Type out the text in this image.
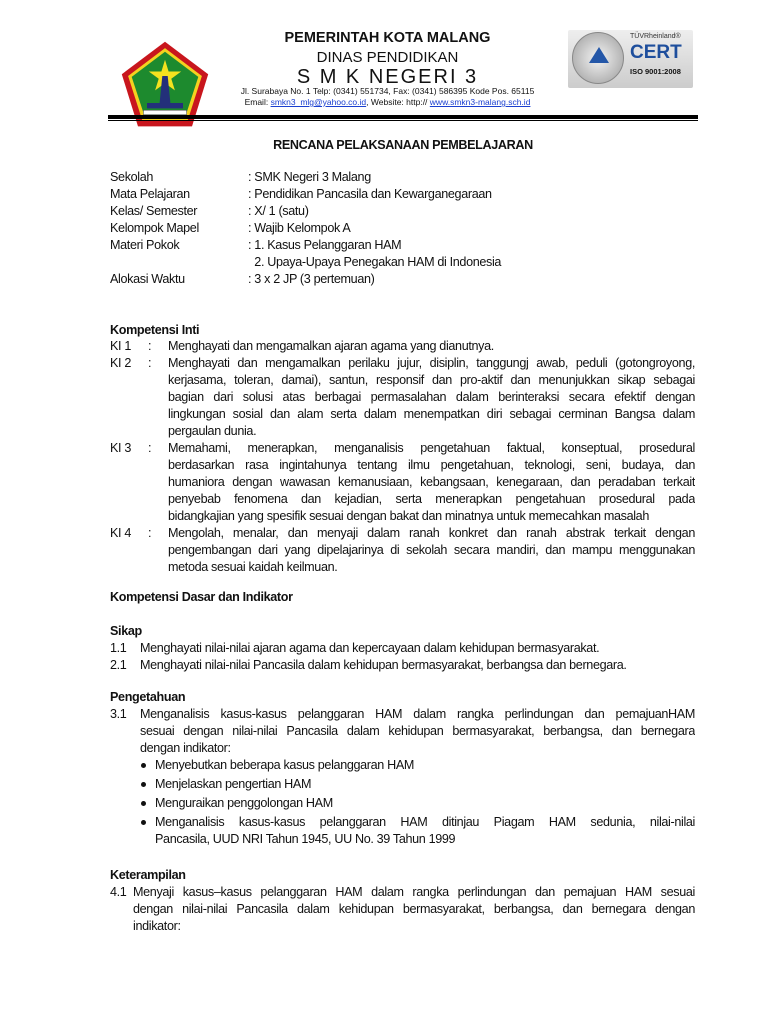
PEMERINTAH KOTA MALANG
DINAS PENDIDIKAN
S M K NEGERI 3
Jl. Surabaya No. 1 Telp: (0341) 551734, Fax: (0341) 586395 Kode Pos. 65115
Email: smkn3_mlg@yahoo.co.id, Website: http:// www.smkn3-malang.sch.id
TÜVRheinland®
CERT
ISO 9001:2008
RENCANA PELAKSANAAN PEMBELAJARAN
Sekolah	: SMK Negeri 3 Malang
Mata Pelajaran	: Pendidikan Pancasila dan Kewarganegaraan
Kelas/ Semester	: X/ 1 (satu)
Kelompok Mapel	: Wajib Kelompok A
Materi Pokok	: 1. Kasus Pelanggaran HAM
2. Upaya-Upaya Penegakan HAM di Indonesia
Alokasi Waktu	: 3 x 2 JP (3 pertemuan)
Kompetensi Inti
KI 1 : Menghayati dan mengamalkan ajaran agama yang dianutnya.
KI 2 : Menghayati dan mengamalkan perilaku jujur, disiplin, tanggungj awab, peduli (gotongroyong,
kerjasama, toleran, damai), santun, responsif dan pro-aktif dan menunjukkan sikap sebagai
bagian dari solusi atas berbagai permasalahan dalam berinteraksi secara efektif dengan
lingkungan sosial dan alam serta dalam menempatkan diri sebagai cerminan Bangsa dalam
pergaulan dunia.
KI 3 : Memahami, menerapkan, menganalisis pengetahuan faktual, konseptual, prosedural
berdasarkan rasa ingintahunya tentang ilmu pengetahuan, teknologi, seni, budaya, dan
humaniora dengan wawasan kemanusiaan, kebangsaan, kenegaraan, dan peradaban terkait
penyebab fenomena dan kejadian, serta menerapkan pengetahuan prosedural pada
bidangkajian yang spesifik sesuai dengan bakat dan minatnya untuk memecahkan masalah
KI 4 : Mengolah, menalar, dan menyaji dalam ranah konkret dan ranah abstrak terkait dengan
pengembangan dari yang dipelajarinya di sekolah secara mandiri, dan mampu menggunakan
metoda sesuai kaidah keilmuan.
Kompetensi Dasar dan Indikator
Sikap
1.1 Menghayati nilai-nilai ajaran agama dan kepercayaan dalam kehidupan bermasyarakat.
2.1 Menghayati nilai-nilai Pancasila dalam kehidupan bermasyarakat, berbangsa dan bernegara.
Pengetahuan
3.1 Menganalisis kasus-kasus pelanggaran HAM dalam rangka perlindungan dan pemajuanHAM
sesuai dengan nilai-nilai Pancasila dalam kehidupan bermasyarakat, berbangsa, dan bernegara
dengan indikator:
Menyebutkan beberapa kasus pelanggaran HAM
Menjelaskan pengertian HAM
Menguraikan penggolongan HAM
Menganalisis kasus-kasus pelanggaran HAM ditinjau Piagam HAM sedunia, nilai-nilai
Pancasila, UUD NRI Tahun 1945, UU No. 39 Tahun 1999
Keterampilan
4.1 Menyaji kasus–kasus pelanggaran HAM dalam rangka perlindungan dan pemajuan HAM sesuai
dengan nilai-nilai Pancasila dalam kehidupan bermasyarakat, berbangsa, dan bernegara dengan
indikator:
